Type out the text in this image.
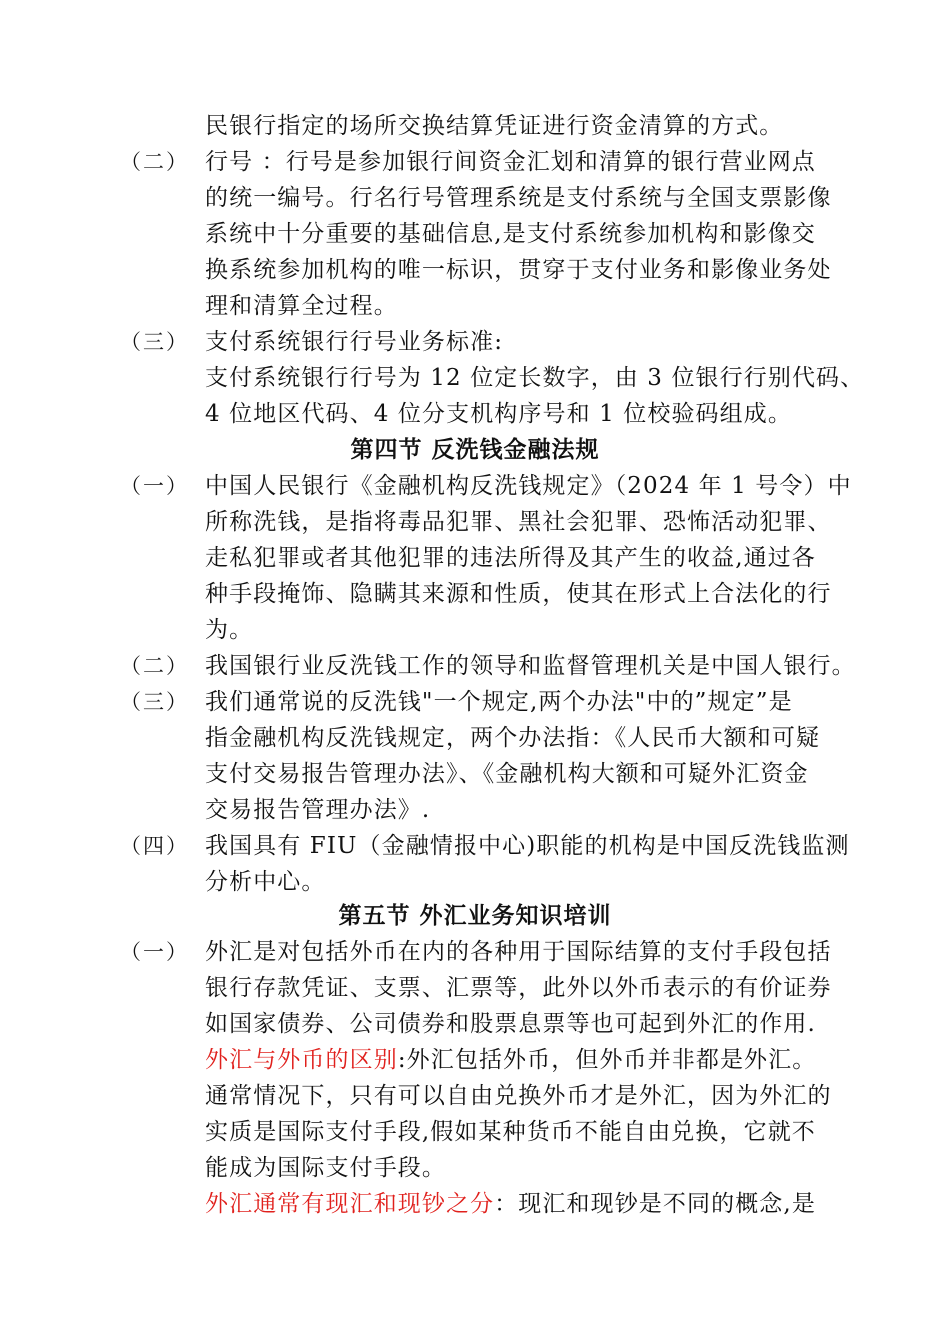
民银行指定的场所交换结算凭证进行资金清算的方式。
（二） 行号 ：行号是参加银行间资金汇划和清算的银行营业网点
的统一编号。行名行号管理系统是支付系统与全国支票影像
系统中十分重要的基础信息,是支付系统参加机构和影像交
换系统参加机构的唯一标识，贯穿于支付业务和影像业务处
理和清算全过程。
（三） 支付系统银行行号业务标准:
支付系统银行行号为 12 位定长数字，由 3 位银行行别代码、
4 位地区代码、4 位分支机构序号和 1 位校验码组成。
第四节 反洗钱金融法规
（一） 中国人民银行《金融机构反洗钱规定》（2024 年 1 号令）中
所称洗钱，是指将毒品犯罪、黑社会犯罪、恐怖活动犯罪、
走私犯罪或者其他犯罪的违法所得及其产生的收益,通过各
种手段掩饰、隐瞒其来源和性质，使其在形式上合法化的行
为。
（二） 我国银行业反洗钱工作的领导和监督管理机关是中国人银行。
（三） 我们通常说的反洗钱"一个规定,两个办法"中的”规定”是
指金融机构反洗钱规定，两个办法指：《人民币大额和可疑
支付交易报告管理办法》、《金融机构大额和可疑外汇资金
交易报告管理办法》.
（四） 我国具有 FIU（金融情报中心)职能的机构是中国反洗钱监测
分析中心。
第五节 外汇业务知识培训
（一） 外汇是对包括外币在内的各种用于国际结算的支付手段包括
银行存款凭证、支票、汇票等，此外以外币表示的有价证券
如国家债券、公司债券和股票息票等也可起到外汇的作用.
外汇与外币的区别:外汇包括外币，但外币并非都是外汇。
通常情况下，只有可以自由兑换外币才是外汇，因为外汇的
实质是国际支付手段,假如某种货币不能自由兑换，它就不
能成为国际支付手段。
外汇通常有现汇和现钞之分：现汇和现钞是不同的概念,是
